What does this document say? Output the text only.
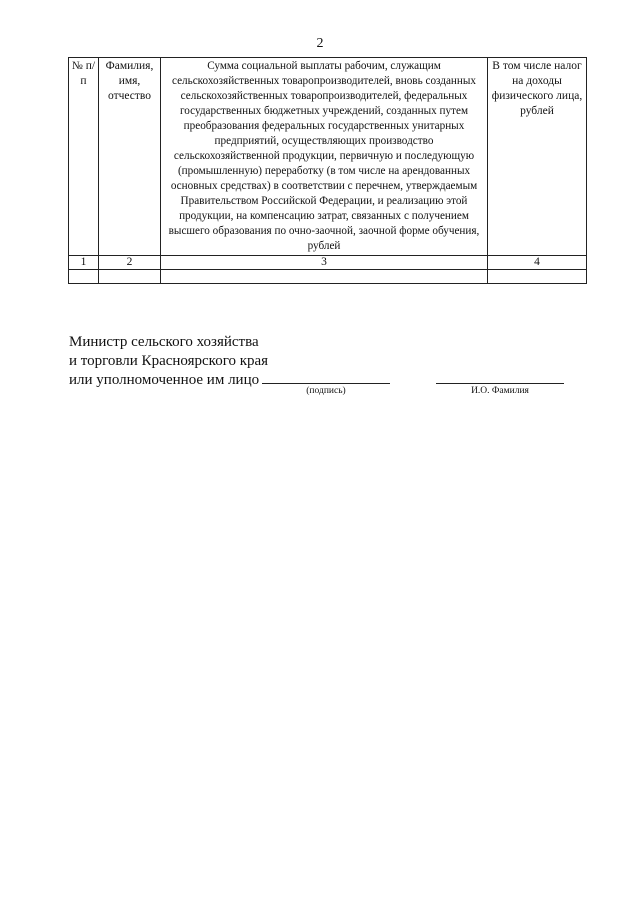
2
№ п/п	Фамилия, имя, отчество	Сумма социальной выплаты рабочим, служащим сельскохозяйственных товаропроизводителей, вновь созданных сельскохозяйственных товаропроизводителей, федеральных государственных бюджетных учреждений, созданных путем преобразования федеральных государственных унитарных предприятий, осуществляющих производство сельскохозяйственной продукции, первичную и последующую (промышленную) переработку (в том числе на арендованных основных средствах) в соответствии с перечнем, утверждаемым Правительством Российской Федерации, и реализацию этой продукции, на компенсацию затрат, связанных с получением высшего образования по очно-заочной, заочной форме обучения, рублей	В том числе налог на доходы физического лица, рублей
1	2	3	4

Министр сельского хозяйства
и торговли Красноярского края
или уполномоченное им лицо
(подпись)	И.О. Фамилия
